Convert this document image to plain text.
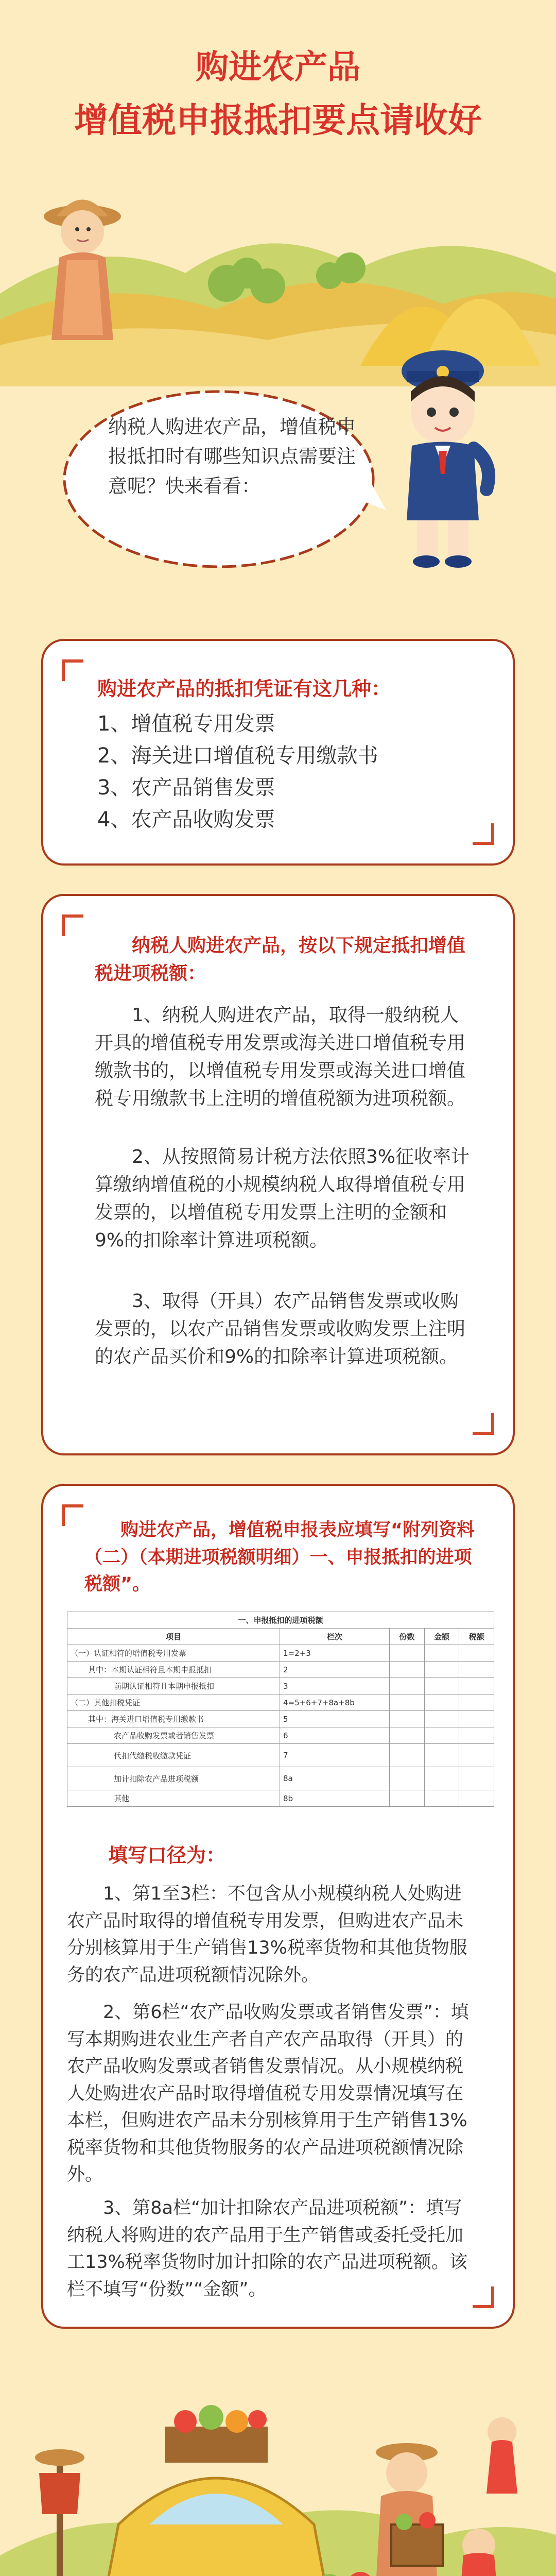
购进农产品
增值税申报抵扣要点请收好
纳税人购进农产品，增值税申报抵扣时有哪些知识点需要注意呢？快来看看：
购进农产品的抵扣凭证有这几种：
1、增值税专用发票
2、海关进口增值税专用缴款书
3、农产品销售发票
4、农产品收购发票
纳税人购进农产品，按以下规定抵扣增值税进项税额：
1、纳税人购进农产品，取得一般纳税人开具的增值税专用发票或海关进口增值税专用缴款书的，以增值税专用发票或海关进口增值税专用缴款书上注明的增值税额为进项税额。
2、从按照简易计税方法依照3%征收率计算缴纳增值税的小规模纳税人取得增值税专用发票的，以增值税专用发票上注明的金额和9%的扣除率计算进项税额。
3、取得（开具）农产品销售发票或收购发票的，以农产品销售发票或收购发票上注明的农产品买价和9%的扣除率计算进项税额。
购进农产品，增值税申报表应填写“附列资料（二）（本期进项税额明细）一、申报抵扣的进项税额”。
一、申报抵扣的进项税额				
项目	栏次	份数	金额	税额
（一）认证相符的增值税专用发票	1=2+3			
其中：本期认证相符且本期申报抵扣	2			
前期认证相符且本期申报抵扣	3			
（二）其他扣税凭证	4=5+6+7+8a+8b			
其中：海关进口增值税专用缴款书	5			
农产品收购发票或者销售发票	6			
代扣代缴税收缴款凭证	7			
加计扣除农产品进项税额	8a			
其他	8b			
填写口径为：
1、第1至3栏：不包含从小规模纳税人处购进农产品时取得的增值税专用发票，但购进农产品未分别核算用于生产销售13%税率货物和其他货物服务的农产品进项税额情况除外。
2、第6栏“农产品收购发票或者销售发票”：填写本期购进农业生产者自产农产品取得（开具）的农产品收购发票或者销售发票情况。从小规模纳税人处购进农产品时取得增值税专用发票情况填写在本栏，但购进农产品未分别核算用于生产销售13%税率货物和其他货物服务的农产品进项税额情况除外。
3、第8a栏“加计扣除农产品进项税额”：填写纳税人将购进的农产品用于生产销售或委托受托加工13%税率货物时加计扣除的农产品进项税额。该栏不填写“份数”“金额”。
